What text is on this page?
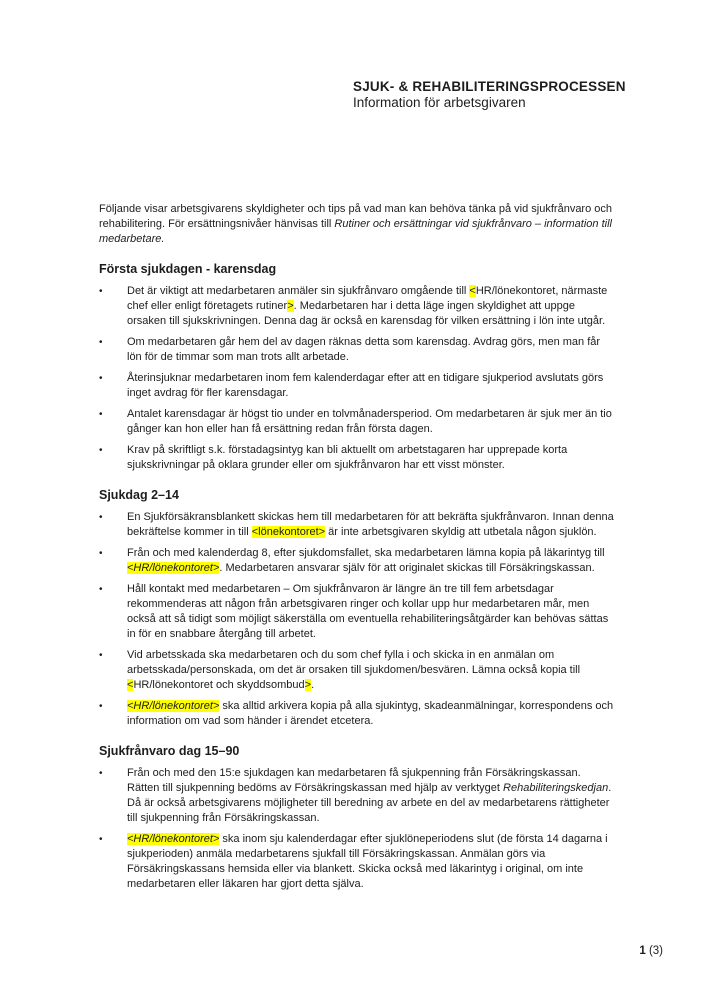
SJUK- & REHABILITERINGSPROCESSEN
Information för arbetsgivaren

Följande visar arbetsgivarens skyldigheter och tips på vad man kan behöva tänka på vid sjukfrånvaro och rehabilitering. För ersättningsnivåer hänvisas till Rutiner och ersättningar vid sjukfrånvaro – information till medarbetare.

Första sjukdagen - karensdag
•	Det är viktigt att medarbetaren anmäler sin sjukfrånvaro omgående till <HR/lönekontoret, närmaste chef eller enligt företagets rutiner>. Medarbetaren har i detta läge ingen skyldighet att uppge orsaken till sjukskrivningen. Denna dag är också en karensdag för vilken ersättning i lön inte utgår.
•	Om medarbetaren går hem del av dagen räknas detta som karensdag. Avdrag görs, men man får lön för de timmar som man trots allt arbetade.
•	Återinsjuknar medarbetaren inom fem kalenderdagar efter att en tidigare sjukperiod avslutats görs inget avdrag för fler karensdagar.
•	Antalet karensdagar är högst tio under en tolvmånadersperiod. Om medarbetaren är sjuk mer än tio gånger kan hon eller han få ersättning redan från första dagen.
•	Krav på skriftligt s.k. förstadagsintyg kan bli aktuellt om arbetstagaren har upprepade korta sjukskrivningar på oklara grunder eller om sjukfrånvaron har ett visst mönster.
Sjukdag 2–14
•	En Sjukförsäkransblankett skickas hem till medarbetaren för att bekräfta sjukfrånvaron. Innan denna bekräftelse kommer in till <lönekontoret> är inte arbetsgivaren skyldig att utbetala någon sjuklön.
•	Från och med kalenderdag 8, efter sjukdomsfallet, ska medarbetaren lämna kopia på läkarintyg till <HR/lönekontoret>. Medarbetaren ansvarar själv för att originalet skickas till Försäkringskassan.
•	Håll kontakt med medarbetaren – Om sjukfrånvaron är längre än tre till fem arbetsdagar rekommenderas att någon från arbetsgivaren ringer och kollar upp hur medarbetaren mår, men också att så tidigt som möjligt säkerställa om eventuella rehabiliteringsåtgärder kan behövas sättas in för en snabbare återgång till arbetet.
•	Vid arbetsskada ska medarbetaren och du som chef fylla i och skicka in en anmälan om arbetsskada/personskada, om det är orsaken till sjukdomen/besvären. Lämna också kopia till <HR/lönekontoret och skyddsombud>.
•	<HR/lönekontoret> ska alltid arkivera kopia på alla sjukintyg, skadeanmälningar, korrespondens och information om vad som händer i ärendet etcetera.
Sjukfrånvaro dag 15–90
•	Från och med den 15:e sjukdagen kan medarbetaren få sjukpenning från Försäkringskassan. Rätten till sjukpenning bedöms av Försäkringskassan med hjälp av verktyget Rehabiliteringskedjan. Då är också arbetsgivarens möjligheter till beredning av arbete en del av medarbetarens rättigheter till sjukpenning från Försäkringskassan.
•	<HR/lönekontoret> ska inom sju kalenderdagar efter sjuklöneperiodens slut (de första 14 dagarna i sjukperioden) anmäla medarbetarens sjukfall till Försäkringskassan. Anmälan görs via Försäkringskassans hemsida eller via blankett. Skicka också med läkarintyg i original, om inte medarbetaren eller läkaren har gjort detta själva.
1 (3)
